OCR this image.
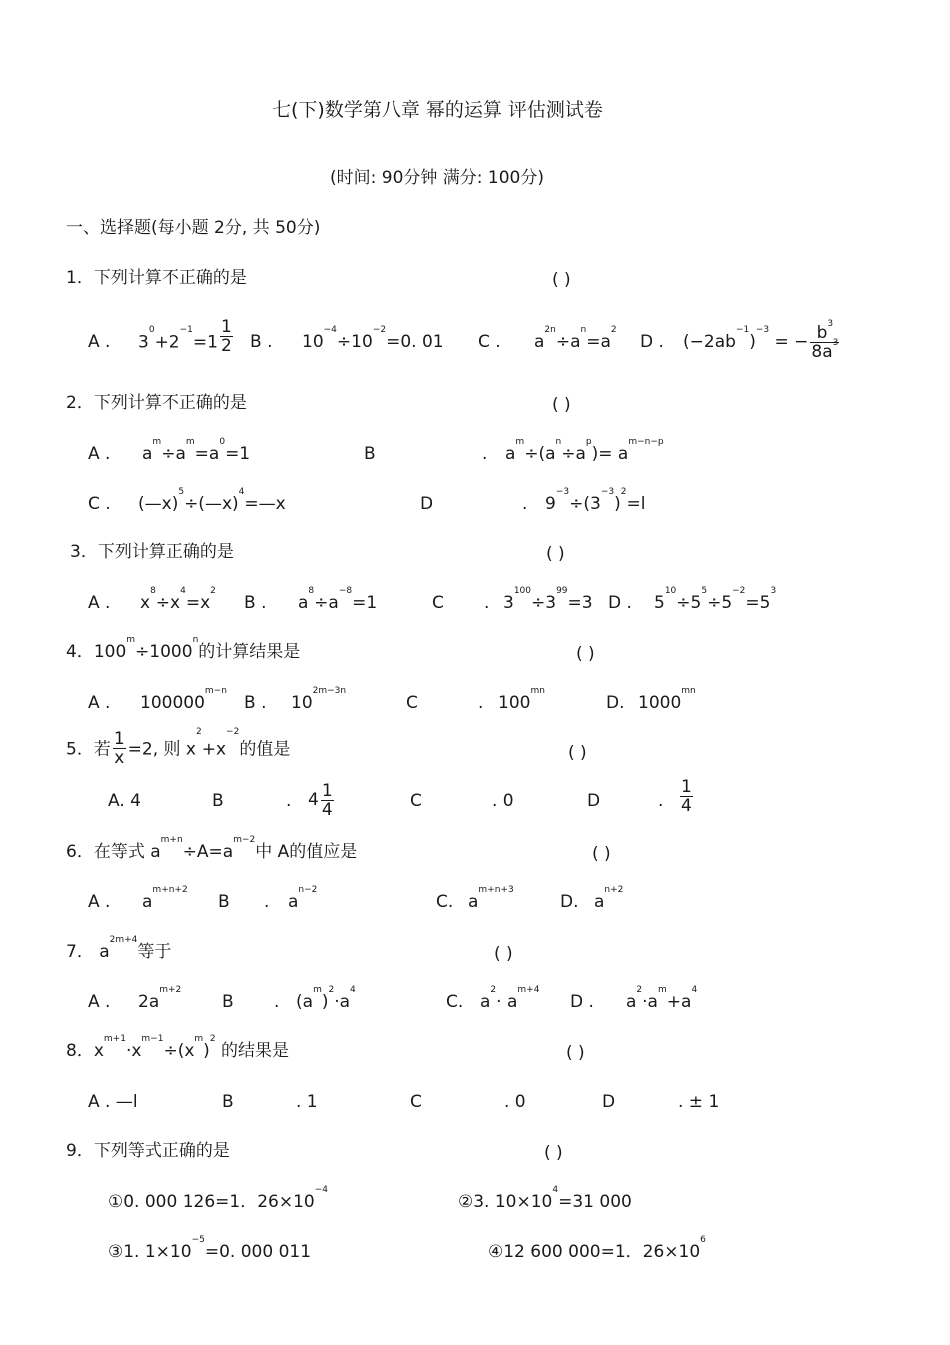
七(下)数学第八章 幂的运算 评估测试卷
(时间: 90分钟 满分: 100分)
一、选择题(每小题 2分, 共 50分)
1．下列计算不正确的是	( )
A . $3^0+2^{-1}=1 \frac{1}{2}$ B . $10^{-4}\div 10^{-2}=0$. 01 C . $a^{2n}\div a^n=a^2$
D . $(-2ab^{-1})^{-3}$ = − $\frac{b^3}{8a^3}$
2．下列计算不正确的是	( )
A . $a^m\div a^m=a^0=1$	B	. $a^m\div(a^n\div a^p)= a^{m-n-p}$
C . (—x)$^5$÷(—x)$^4$=—x	D	. $9^{-3}\div(3^{-3})^2=l$
3．下列计算正确的是	( )
A . $x^8\div x^4=x^2$
B . $a^8\div a^{-8}=1$	C . $3^{100}\div 3^{99}=3$ D . $5^{10}\div 5^5\div 5^{-2}=5^3$
4．$100^m\div 1000^n$的计算结果是	( )
A . $100000^{m-n}$
B . $10^{2m-3n}$
C	. $100^{mn}$
D. $1000^{mn}$
5．若 $\frac{1}{x} =2$, 则 $x^2+x^{-2}$的值是	( )
A. 4	B	. $4 \frac{1}{4}$	C	. 0	D	. $\frac{1}{4}$
6．在等式 $a^{m+n}\div A=a^{m-2}$中 A的值应是	( )
A . $a^{m+n+2}$
B . $a^{n-2}$
C. $a^{m+n+3}$
D. $a^{n+2}$
7． $a^{2m+4}$等于	( )
A . $2a^{m+2}$
B . $(a^m)^2\cdot a^4$
C. $a^2\cdot a^{m+4}$
D . $a^2\cdot a^m+a^4$
8．$x^{m+1}\cdot x^{m-1}\div(x^m)^2$ 的结果是	( )
A . —l	B	. 1	C	. 0	D	. ± 1
9．下列等式正确的是	( )
①0. 000 126=1．$26\times 10^{-4}$
②3. $10\times 10^4=31$ 000
③1. $1\times 10^{-5}=0$. 000 011	④12 600 000=1．$26\times 10^6$
